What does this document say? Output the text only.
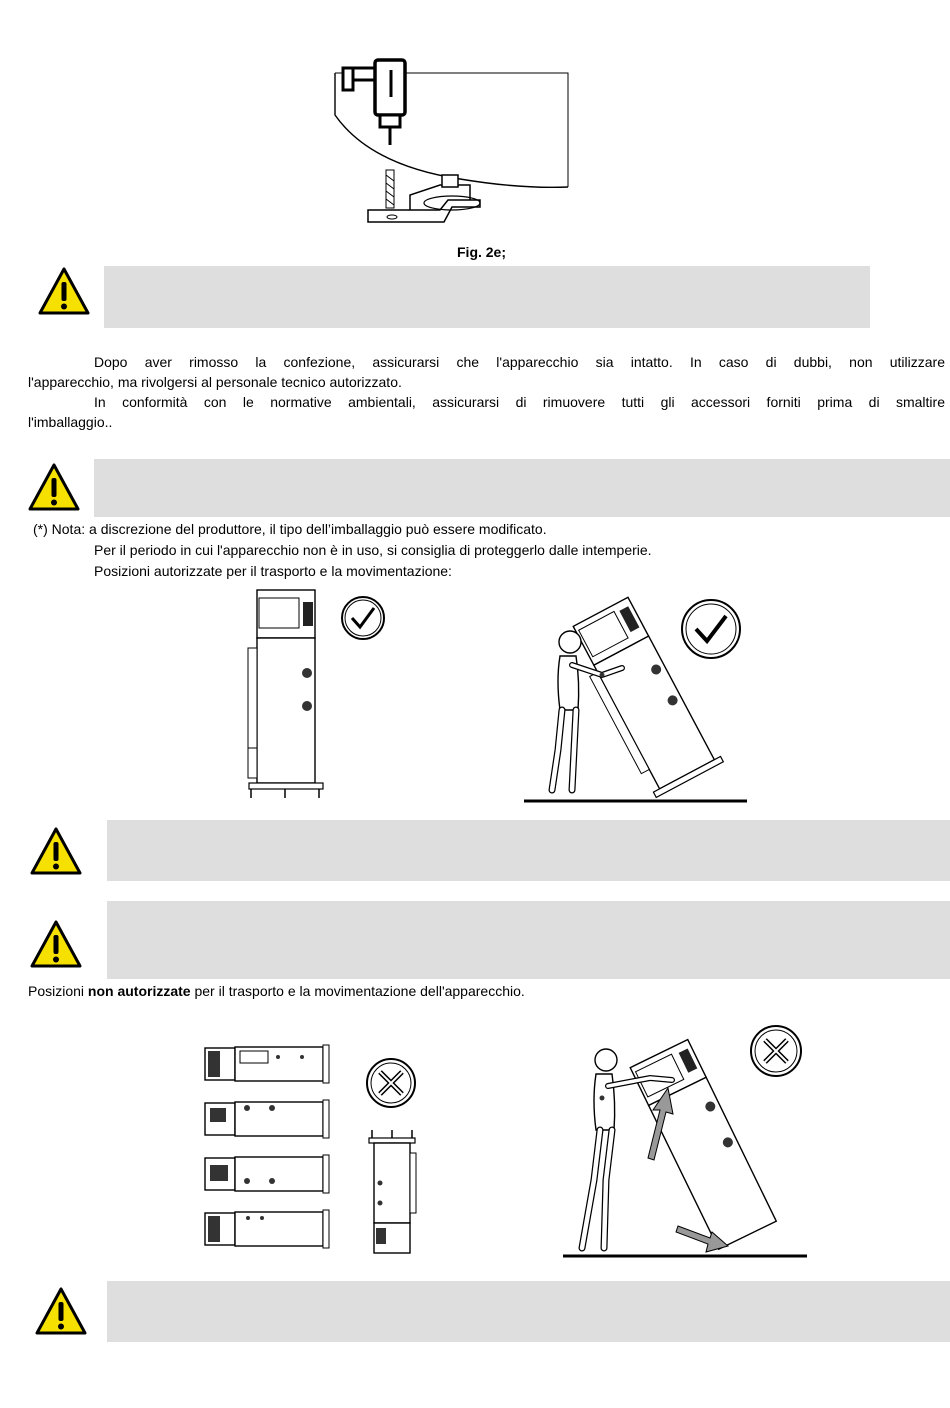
Fig. 2e;
Dopo aver rimosso la confezione, assicurarsi che l'apparecchio sia intatto. In caso di dubbi, non utilizzare
l'apparecchio, ma rivolgersi al personale tecnico autorizzato.
In conformità con le normative ambientali, assicurarsi di rimuovere tutti gli accessori forniti prima di smaltire
l'imballaggio..
(*) Nota: a discrezione del produttore, il tipo dell’imballaggio può essere modificato.
Per il periodo in cui l'apparecchio non è in uso, si consiglia di proteggerlo dalle intemperie.
Posizioni autorizzate per il trasporto e la movimentazione:
Posizioni non autorizzate per il trasporto e la movimentazione dell'apparecchio.
